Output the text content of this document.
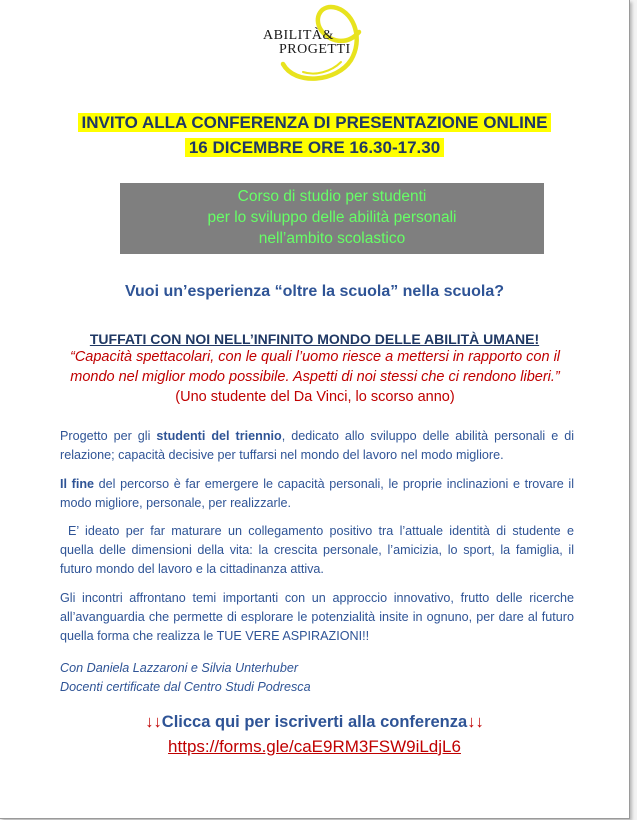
ABILITÀ&
PROGETTI
INVITO ALLA CONFERENZA DI PRESENTAZIONE ONLINE
16 DICEMBRE ORE 16.30-17.30
Corso di studio per studenti
per lo sviluppo delle abilità personali
nell’ambito scolastico
Vuoi un’esperienza “oltre la scuola” nella scuola?
TUFFATI CON NOI NELL’INFINITO MONDO DELLE ABILITÀ UMANE!
“Capacità spettacolari, con le quali l’uomo riesce a mettersi in rapporto con il mondo nel miglior modo possibile. Aspetti di noi stessi che ci rendono liberi.” (Uno studente del Da Vinci, lo scorso anno)
Progetto per gli studenti del triennio, dedicato allo sviluppo delle abilità personali e di relazione; capacità decisive per tuffarsi nel mondo del lavoro nel modo migliore.
Il fine del percorso è far emergere le capacità personali, le proprie inclinazioni e trovare il modo migliore, personale, per realizzarle.
E’ ideato per far maturare un collegamento positivo tra l’attuale identità di studente e quella delle dimensioni della vita: la crescita personale, l’amicizia, lo sport, la famiglia, il futuro mondo del lavoro e la cittadinanza attiva.
Gli incontri affrontano temi importanti con un approccio innovativo, frutto delle ricerche all’avanguardia che permette di esplorare le potenzialità insite in ognuno, per dare al futuro quella forma che realizza le TUE VERE ASPIRAZIONI!!
Con Daniela Lazzaroni e Silvia Unterhuber
Docenti certificate dal Centro Studi Podresca
↓↓Clicca qui per iscriverti alla conferenza↓↓
https://forms.gle/caE9RM3FSW9iLdjL6
